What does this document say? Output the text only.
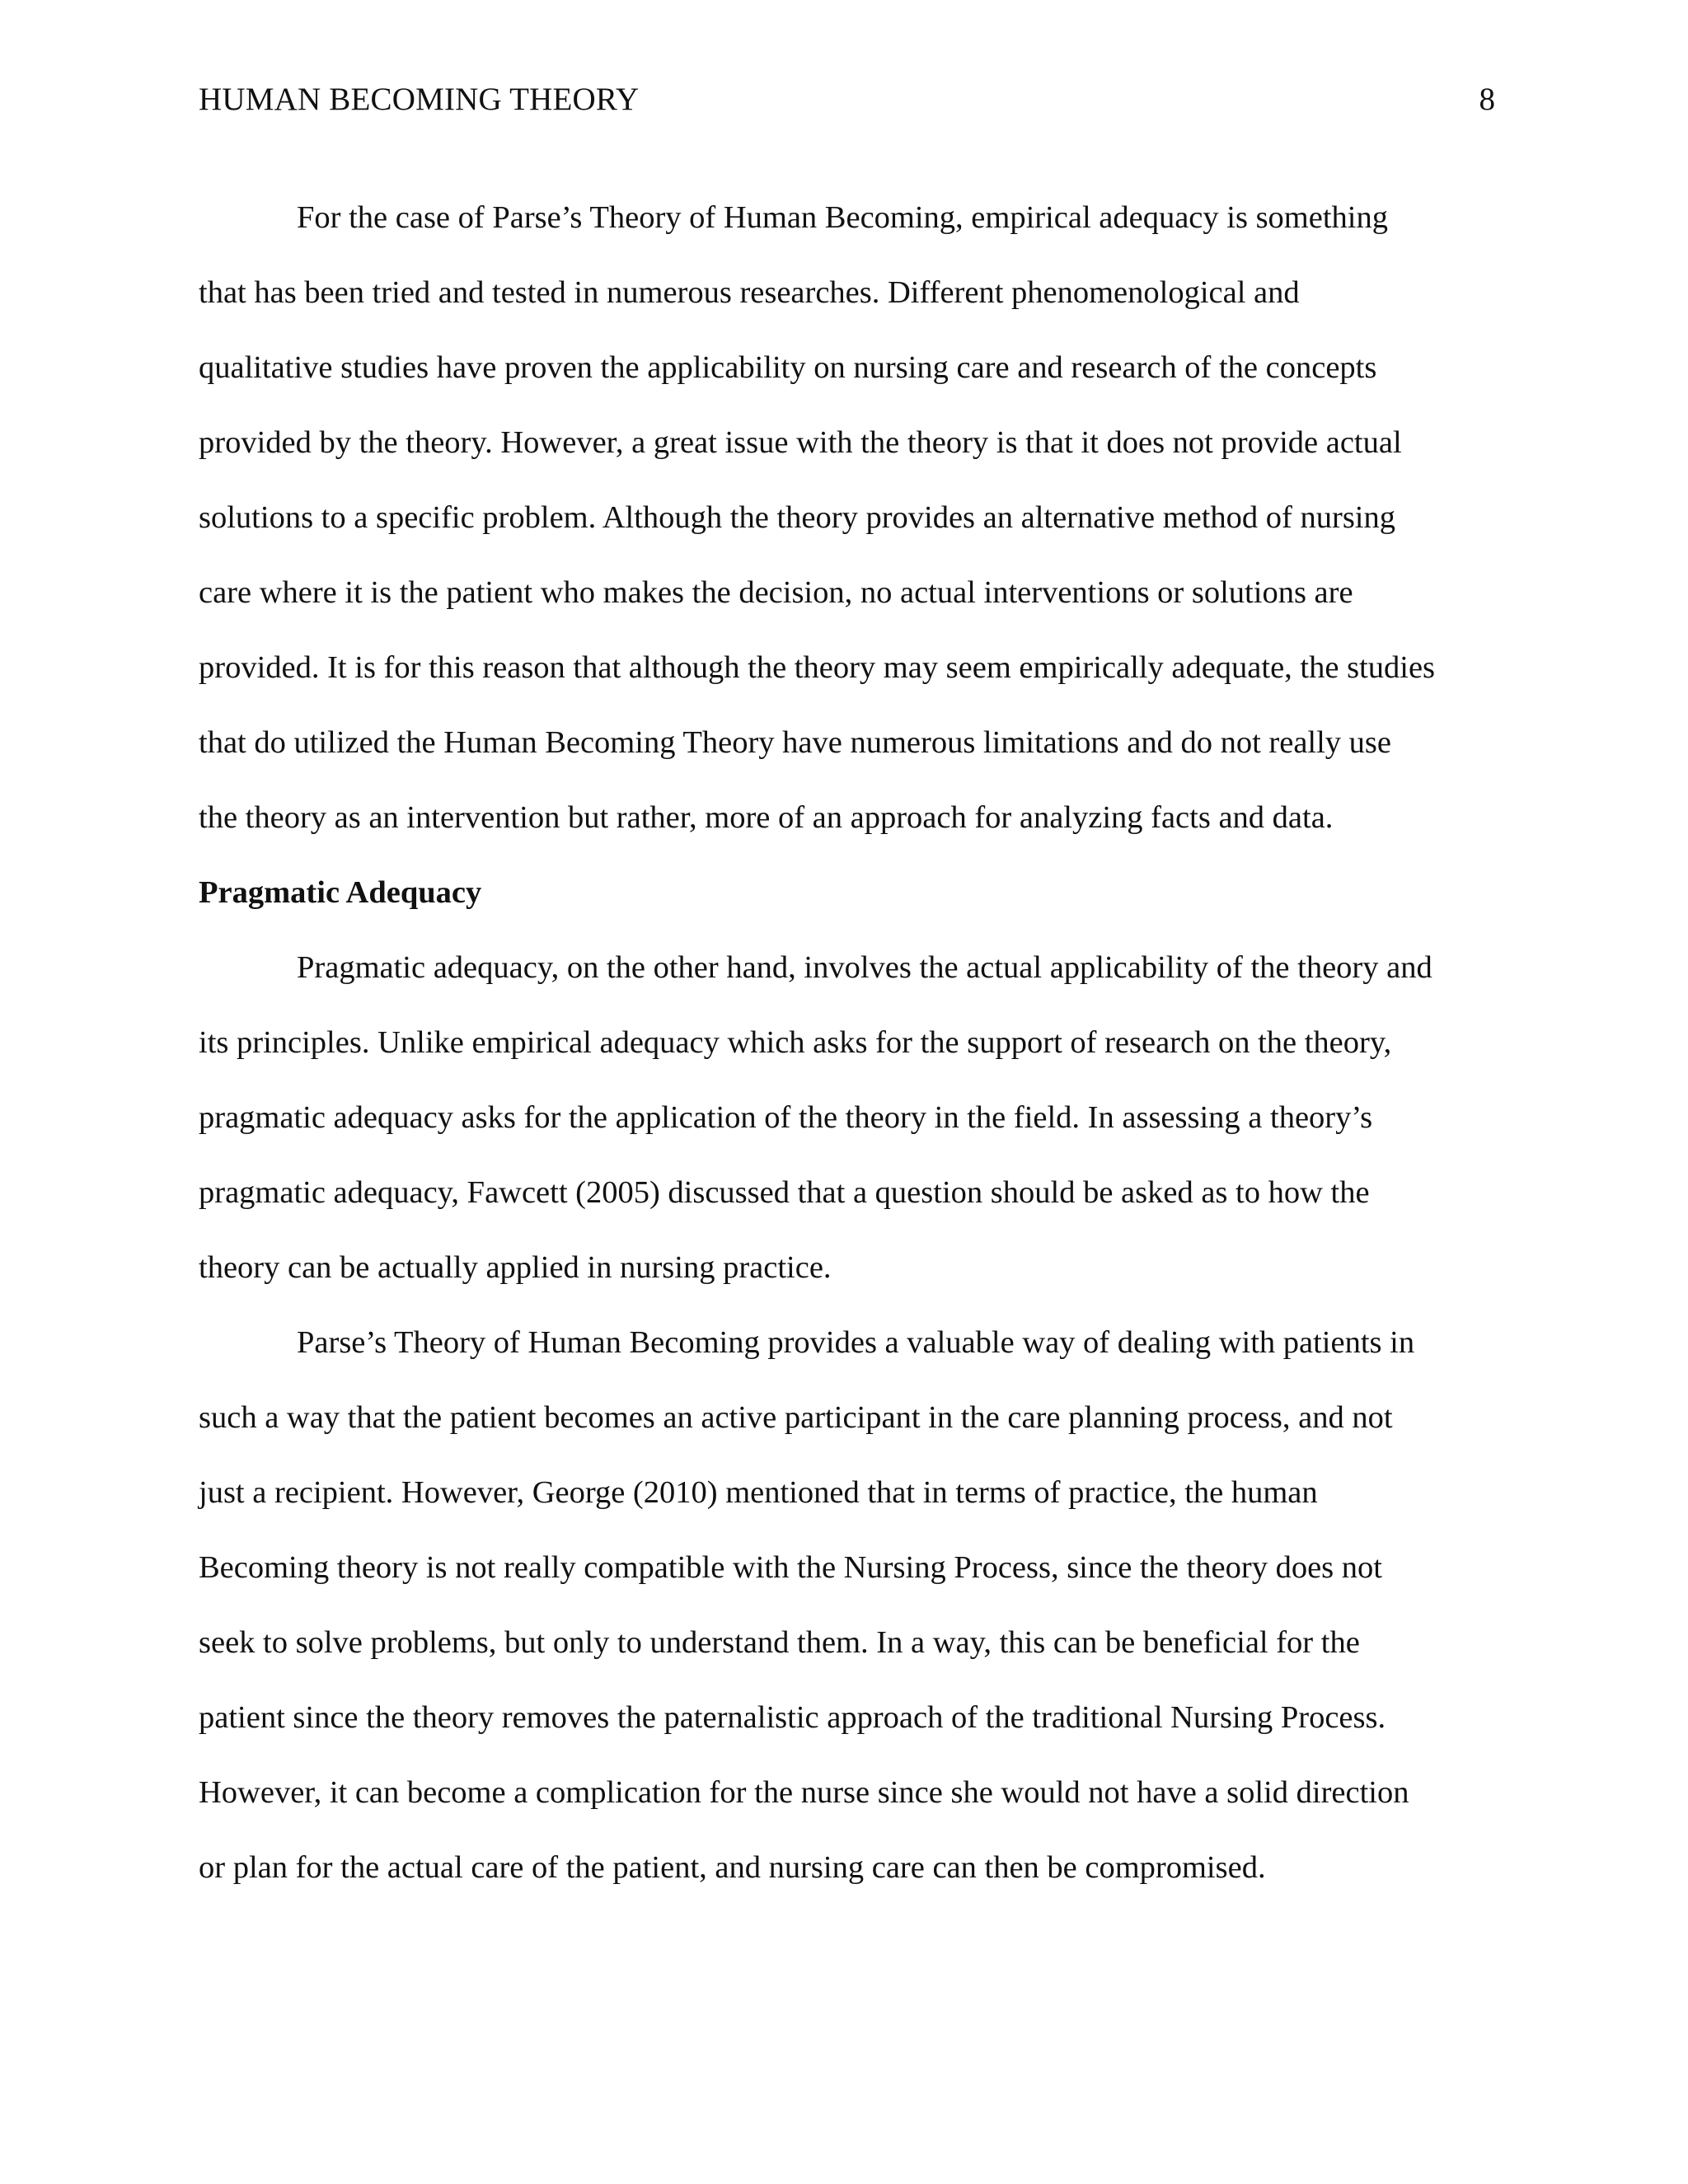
HUMAN BECOMING THEORY	8
For the case of Parse’s Theory of Human Becoming, empirical adequacy is something
that has been tried and tested in numerous researches. Different phenomenological and
qualitative studies have proven the applicability on nursing care and research of the concepts
provided by the theory. However, a great issue with the theory is that it does not provide actual
solutions to a specific problem. Although the theory provides an alternative method of nursing
care where it is the patient who makes the decision, no actual interventions or solutions are
provided. It is for this reason that although the theory may seem empirically adequate, the studies
that do utilized the Human Becoming Theory have numerous limitations and do not really use
the theory as an intervention but rather, more of an approach for analyzing facts and data.
Pragmatic Adequacy
Pragmatic adequacy, on the other hand, involves the actual applicability of the theory and
its principles. Unlike empirical adequacy which asks for the support of research on the theory,
pragmatic adequacy asks for the application of the theory in the field. In assessing a theory’s
pragmatic adequacy, Fawcett (2005) discussed that a question should be asked as to how the
theory can be actually applied in nursing practice.
Parse’s Theory of Human Becoming provides a valuable way of dealing with patients in
such a way that the patient becomes an active participant in the care planning process, and not
just a recipient. However, George (2010) mentioned that in terms of practice, the human
Becoming theory is not really compatible with the Nursing Process, since the theory does not
seek to solve problems, but only to understand them. In a way, this can be beneficial for the
patient since the theory removes the paternalistic approach of the traditional Nursing Process.
However, it can become a complication for the nurse since she would not have a solid direction
or plan for the actual care of the patient, and nursing care can then be compromised.
